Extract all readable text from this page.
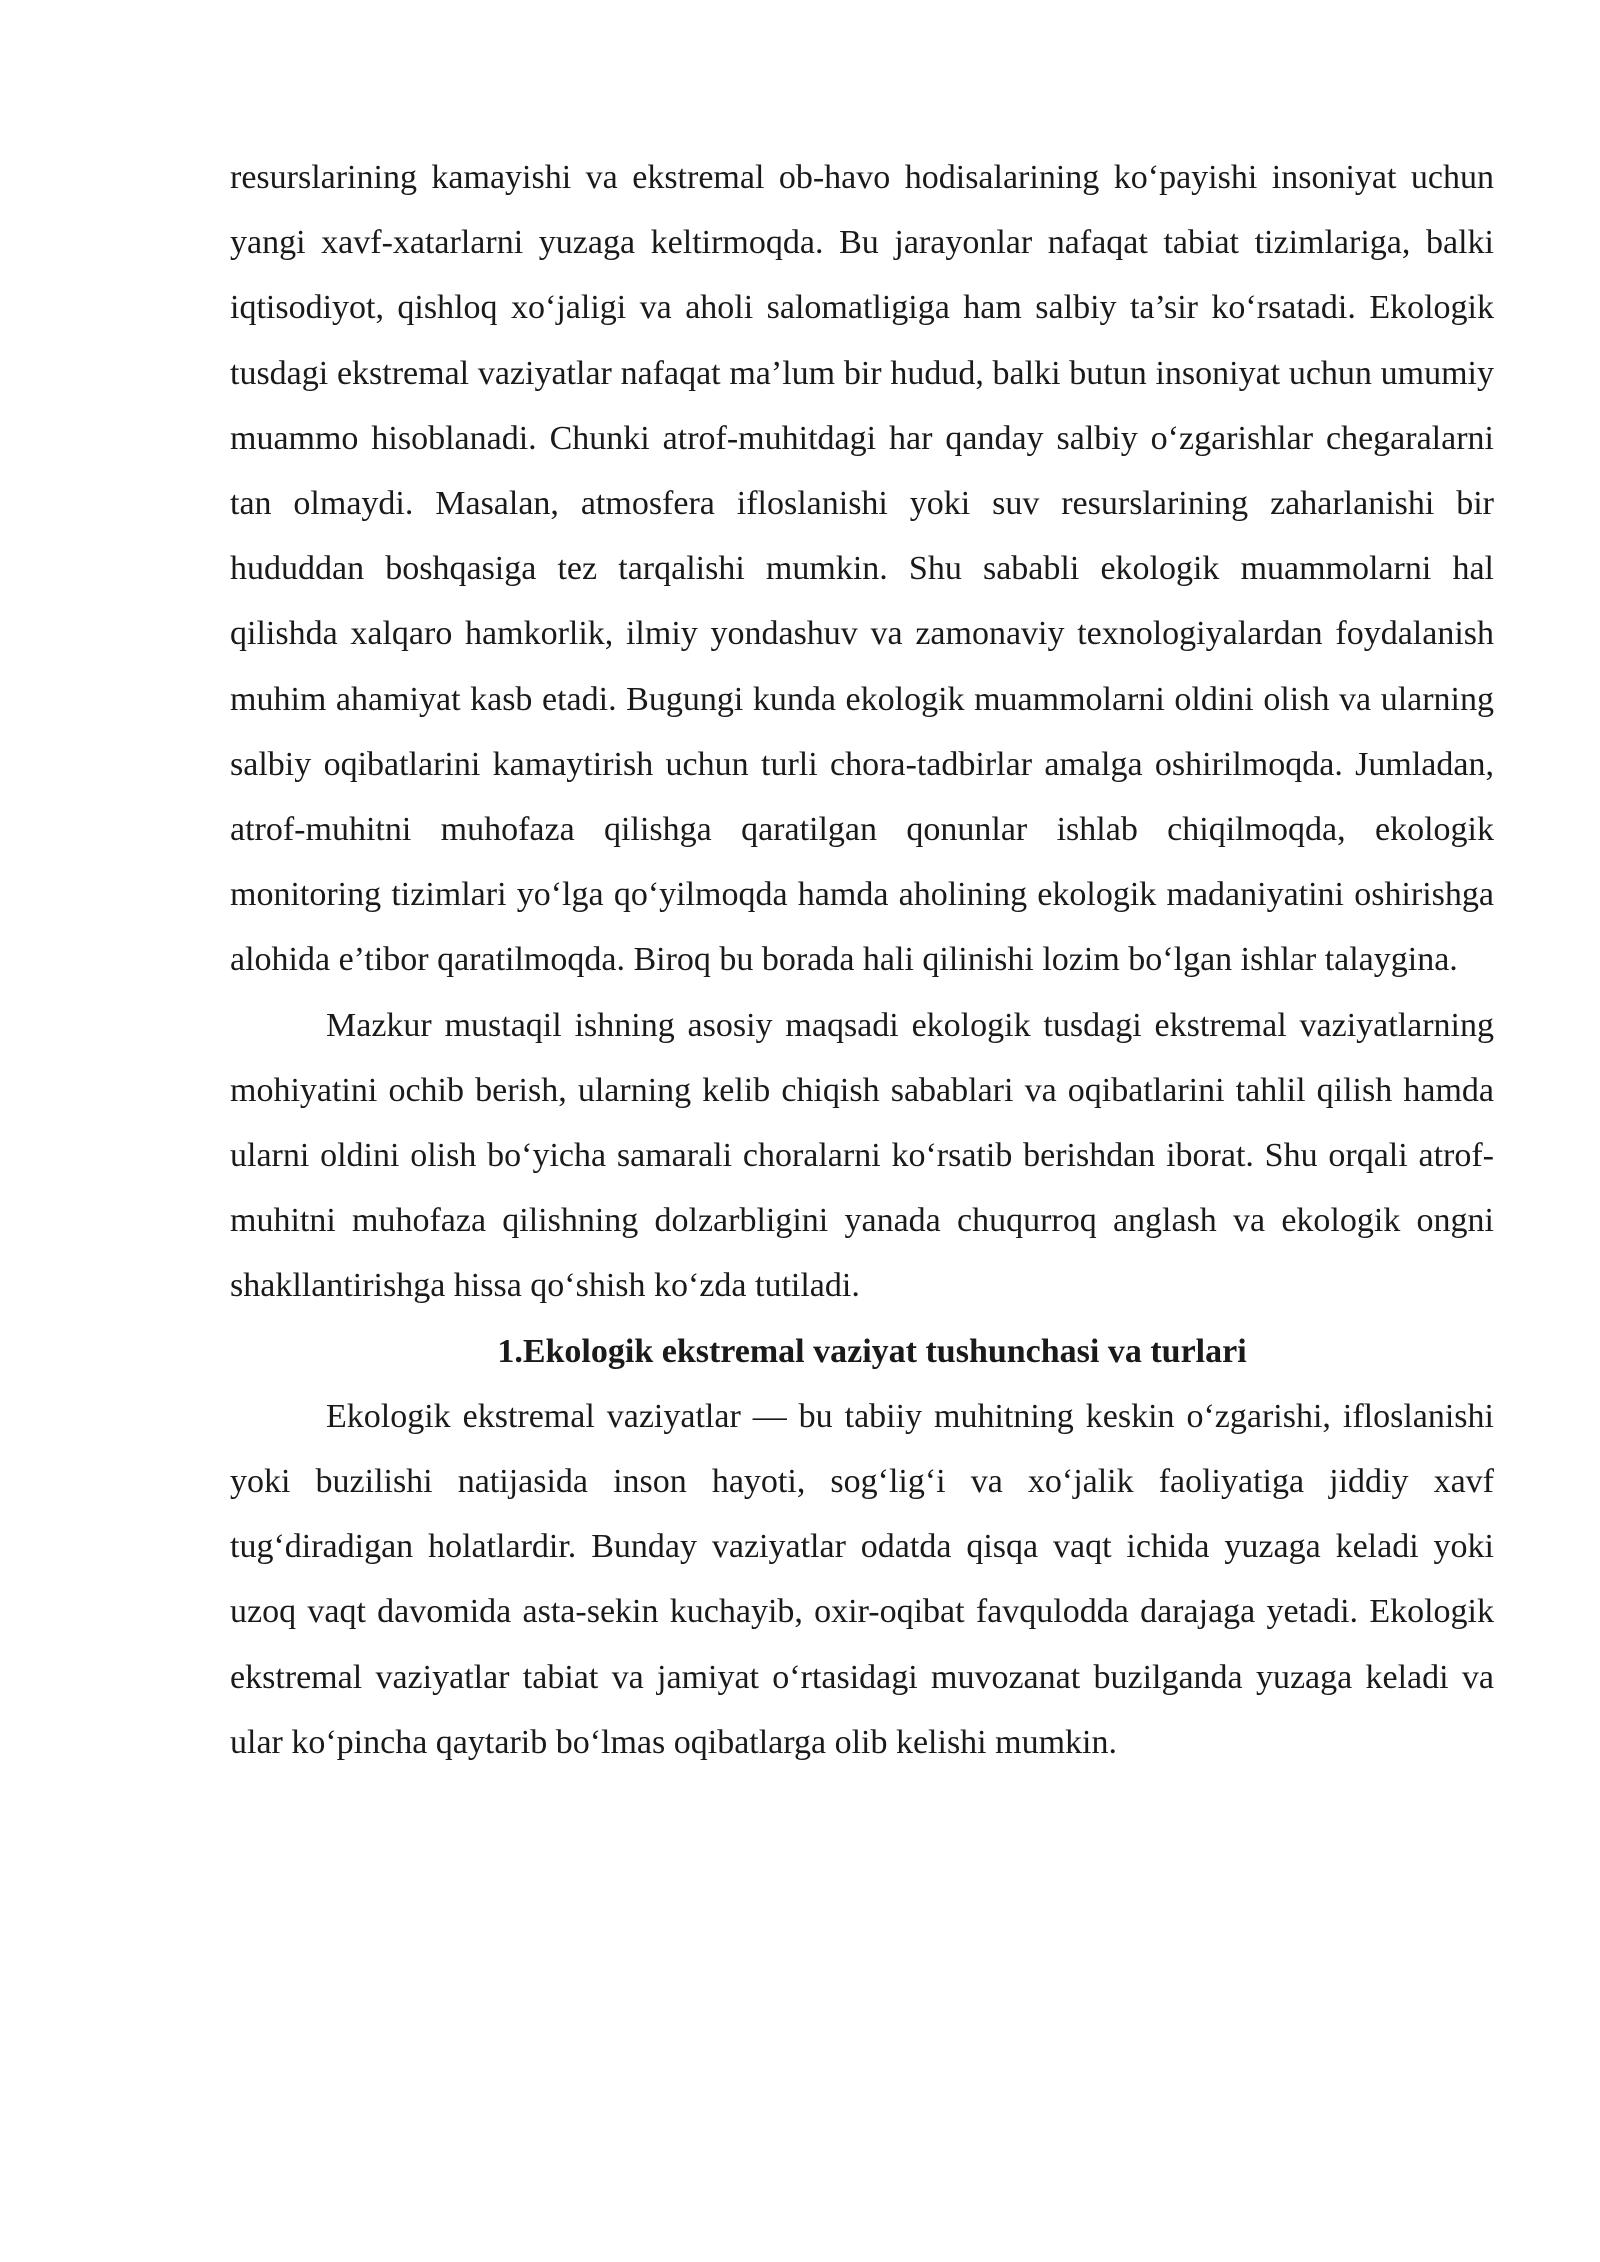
resurslarining kamayishi va ekstremal ob-havo hodisalarining ko‘payishi insoniyat uchun yangi xavf-xatarlarni yuzaga keltirmoqda. Bu jarayonlar nafaqat tabiat tizimlariga, balki iqtisodiyot, qishloq xo‘jaligi va aholi salomatligiga ham salbiy ta’sir ko‘rsatadi. Ekologik tusdagi ekstremal vaziyatlar nafaqat ma’lum bir hudud, balki butun insoniyat uchun umumiy muammo hisoblanadi. Chunki atrof-muhitdagi har qanday salbiy o‘zgarishlar chegaralarni tan olmaydi. Masalan, atmosfera ifloslanishi yoki suv resurslarining zaharlanishi bir hududdan boshqasiga tez tarqalishi mumkin. Shu sababli ekologik muammolarni hal qilishda xalqaro hamkorlik, ilmiy yondashuv va zamonaviy texnologiyalardan foydalanish muhim ahamiyat kasb etadi. Bugungi kunda ekologik muammolarni oldini olish va ularning salbiy oqibatlarini kamaytirish uchun turli chora-tadbirlar amalga oshirilmoqda. Jumladan, atrof-muhitni muhofaza qilishga qaratilgan qonunlar ishlab chiqilmoqda, ekologik monitoring tizimlari yo‘lga qo‘yilmoqda hamda aholining ekologik madaniyatini oshirishga alohida e’tibor qaratilmoqda. Biroq bu borada hali qilinishi lozim bo‘lgan ishlar talaygina.

Mazkur mustaqil ishning asosiy maqsadi ekologik tusdagi ekstremal vaziyatlarning mohiyatini ochib berish, ularning kelib chiqish sabablari va oqibatlarini tahlil qilish hamda ularni oldini olish bo‘yicha samarali choralarni ko‘rsatib berishdan iborat. Shu orqali atrof-muhitni muhofaza qilishning dolzarbligini yanada chuqurroq anglash va ekologik ongni shakllantirishga hissa qo‘shish ko‘zda tutiladi.

1.Ekologik ekstremal vaziyat tushunchasi va turlari

Ekologik ekstremal vaziyatlar — bu tabiiy muhitning keskin o‘zgarishi, ifloslanishi yoki buzilishi natijasida inson hayoti, sog‘lig‘i va xo‘jalik faoliyatiga jiddiy xavf tug‘diradigan holatlardir. Bunday vaziyatlar odatda qisqa vaqt ichida yuzaga keladi yoki uzoq vaqt davomida asta-sekin kuchayib, oxir-oqibat favqulodda darajaga yetadi. Ekologik ekstremal vaziyatlar tabiat va jamiyat o‘rtasidagi muvozanat buzilganda yuzaga keladi va ular ko‘pincha qaytarib bo‘lmas oqibatlarga olib kelishi mumkin.
